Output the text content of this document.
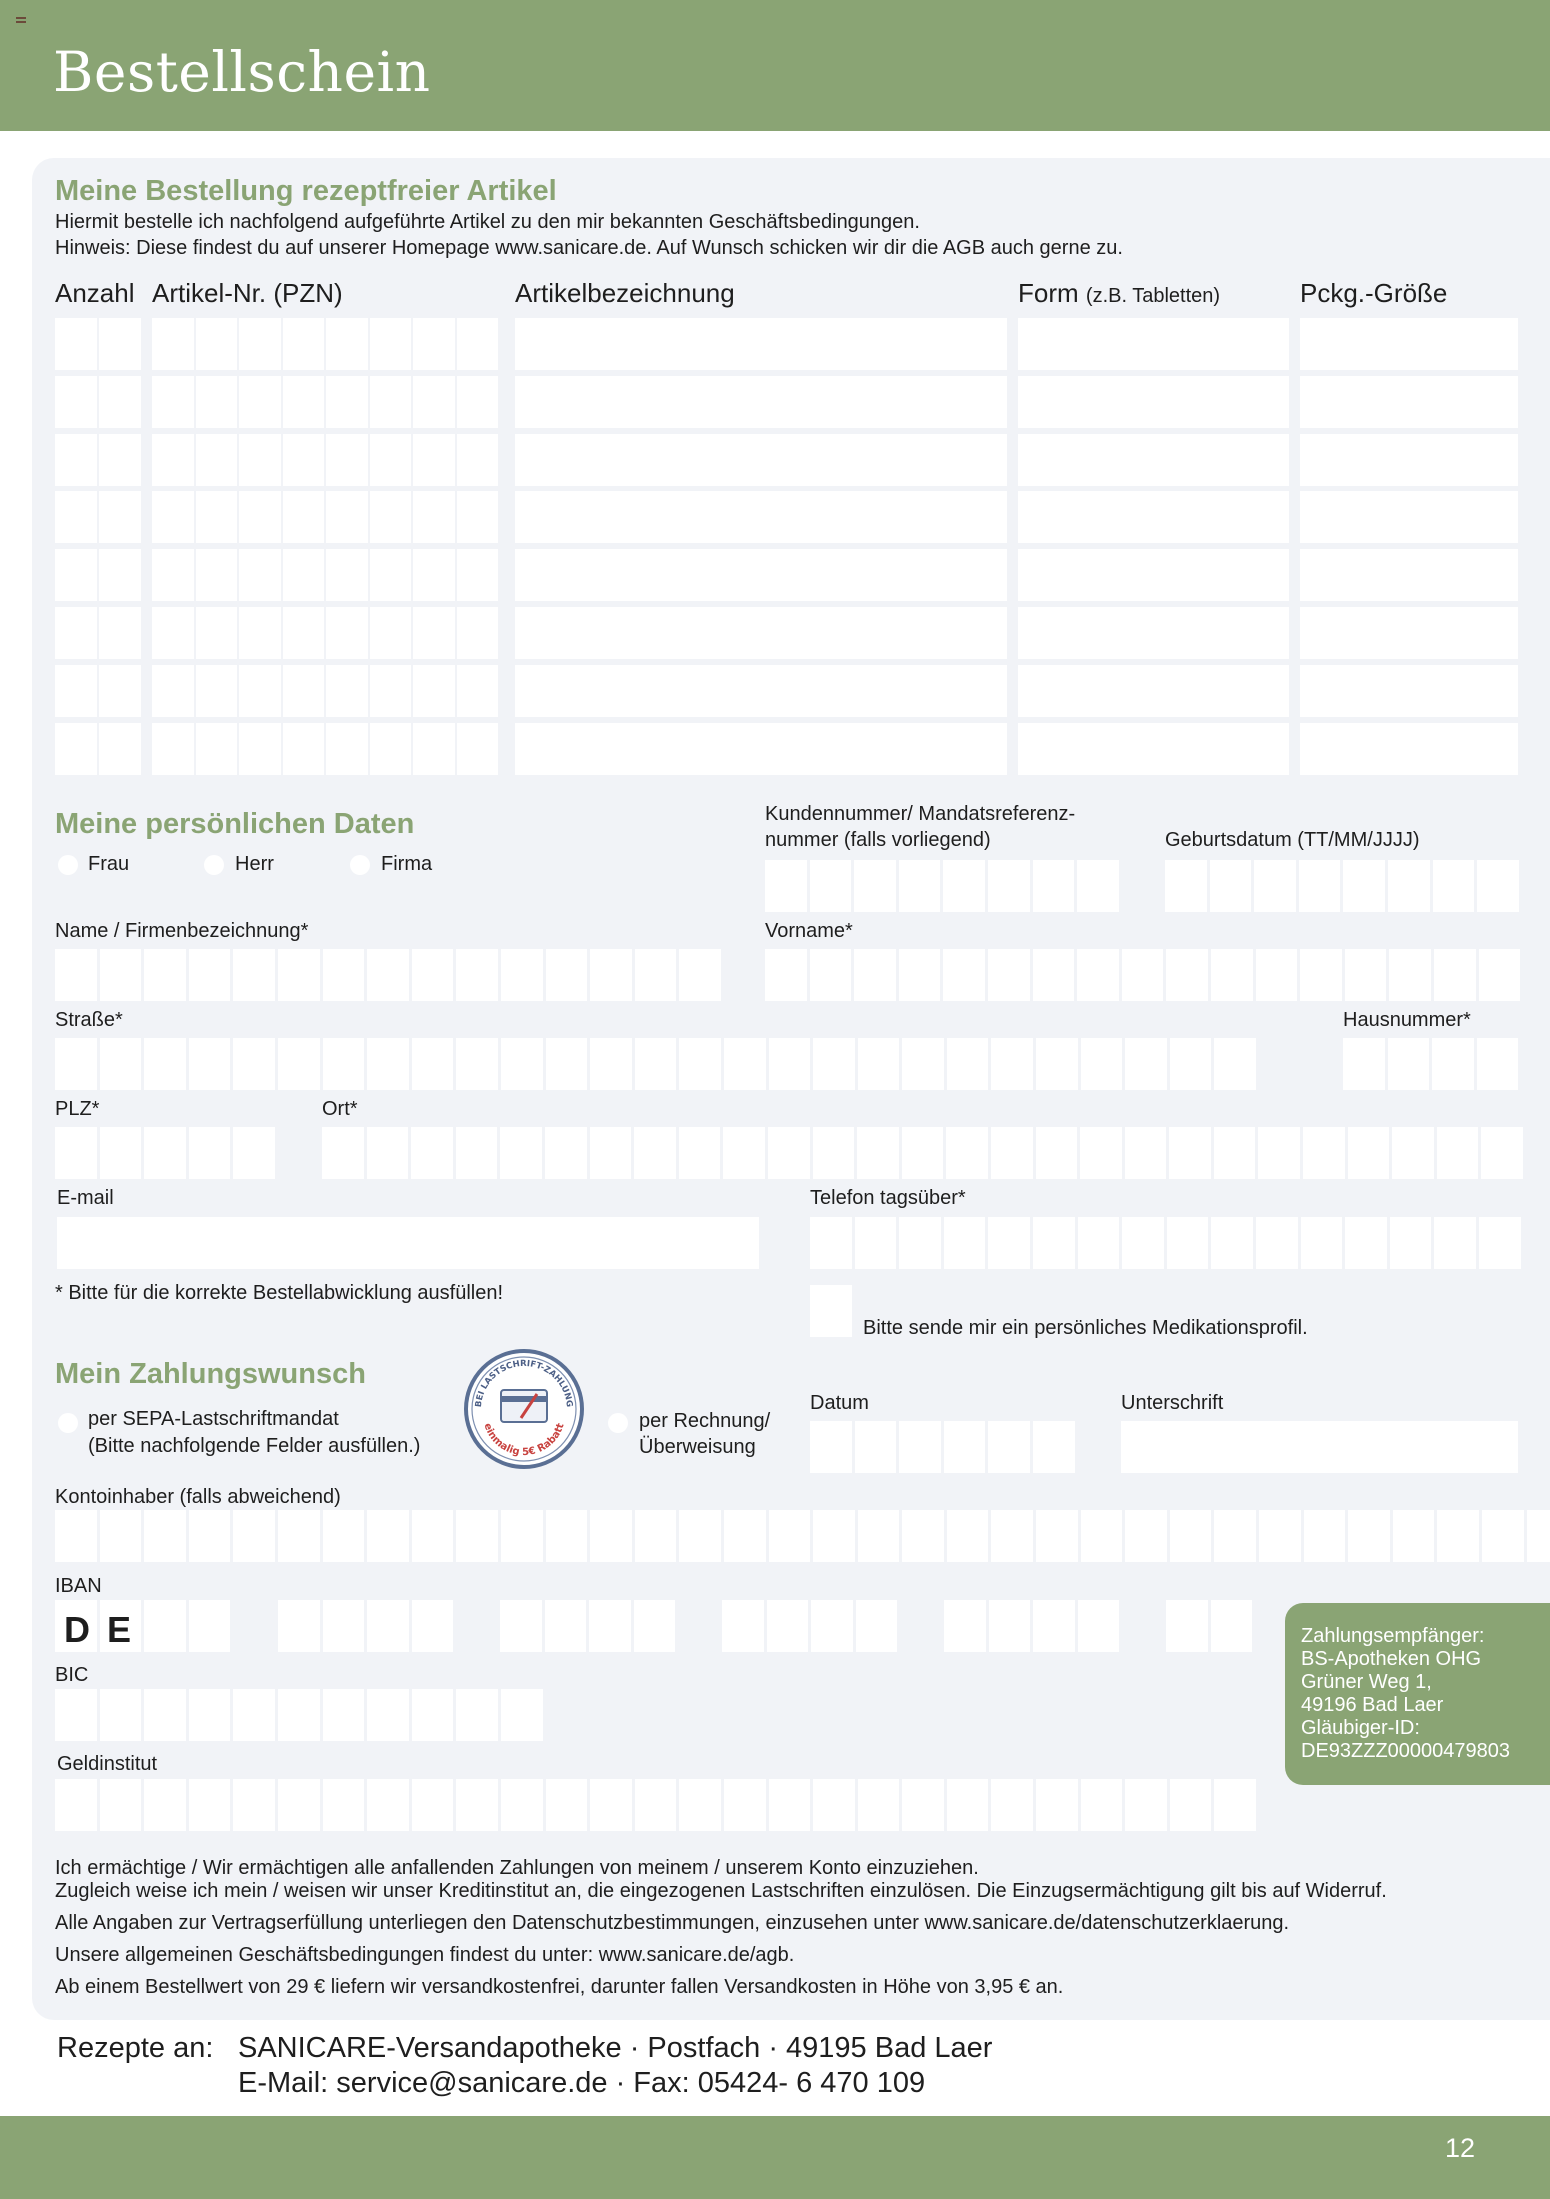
Bestellschein
Meine Bestellung rezeptfreier Artikel
Hiermit bestelle ich nachfolgend aufgeführte Artikel zu den mir bekannten Geschäftsbedingungen.
Hinweis: Diese findest du auf unserer Homepage www.sanicare.de. Auf Wunsch schicken wir dir die AGB auch gerne zu.
Anzahl Artikel-Nr. (PZN)	Artikelbezeichnung	Form (z.B. Tabletten)	Pckg.-Größe
Meine persönlichen Daten
Frau	Herr	Firma
Kundennummer/ Mandatsreferenz-
nummer (falls vorliegend)	Geburtsdatum (TT/MM/JJJJ)
Name / Firmenbezeichnung*	Vorname*
Straße*	Hausnummer*
PLZ*	Ort*
E-mail	Telefon tagsüber*
* Bitte für die korrekte Bestellabwicklung ausfüllen!
Bitte sende mir ein persönliches Medikationsprofil.
Mein Zahlungswunsch
per SEPA-Lastschriftmandat
(Bitte nachfolgende Felder ausfüllen.)
BEI LASTSCHRIFT-ZAHLUNG
einmalig 5€ Rabatt	per Rechnung/
Überweisung
Datum	Unterschrift
Kontoinhaber (falls abweichend)
IBAN
BIC
Geldinstitut
Zahlungsempfänger:
BS-Apotheken OHG
Grüner Weg 1,
49196 Bad Laer
Gläubiger-ID:
DE93ZZZ00000479803
D E
Ich ermächtige / Wir ermächtigen alle anfallenden Zahlungen von meinem / unserem Konto einzuziehen.
Zugleich weise ich mein / weisen wir unser Kreditinstitut an, die eingezogenen Lastschriften einzulösen. Die Einzugsermächtigung gilt bis auf Widerruf.
Alle Angaben zur Vertragserfüllung unterliegen den Datenschutzbestimmungen, einzusehen unter www.sanicare.de/datenschutzerklaerung.
Unsere allgemeinen Geschäftsbedingungen findest du unter: www.sanicare.de/agb.
Ab einem Bestellwert von 29 € liefern wir versandkostenfrei, darunter fallen Versandkosten in Höhe von 3,95 € an.
Rezepte an: SANICARE-Versandapotheke · Postfach · 49195 Bad Laer
E-Mail: service@sanicare.de · Fax: 05424- 6 470 109
12
